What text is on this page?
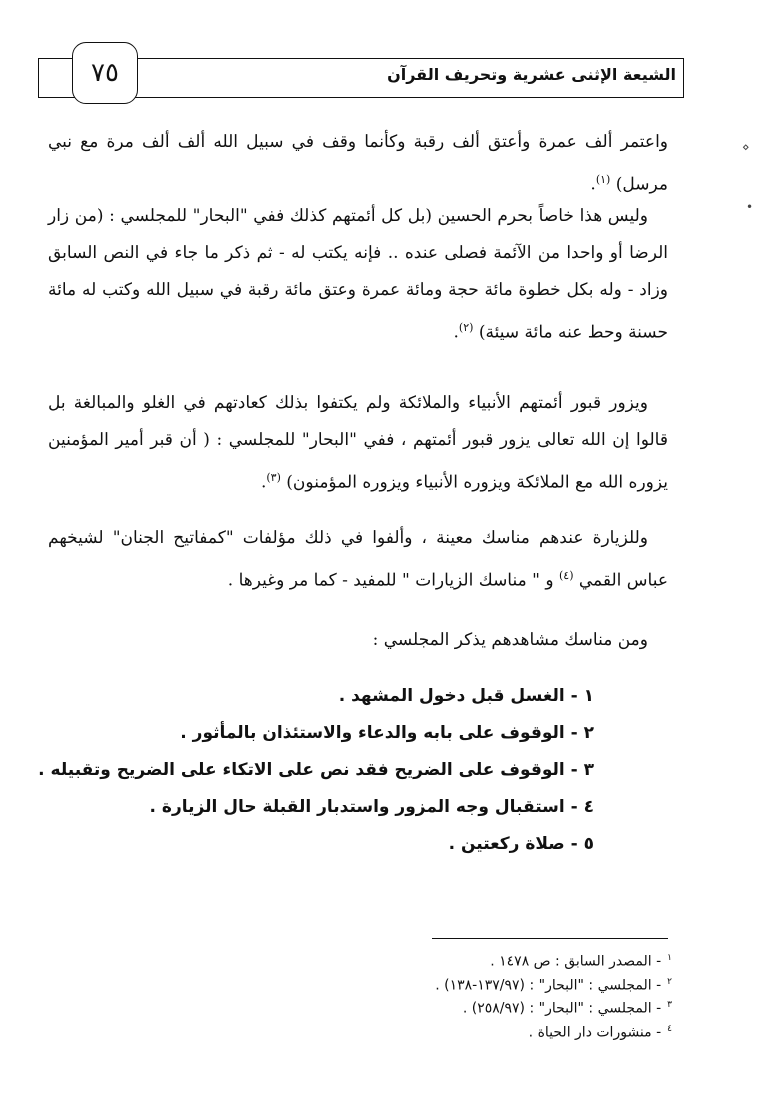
الشيعة الإثنى عشرية وتحريف القرآن
٧٥

واعتمر ألف عمرة وأعتق ألف رقبة وكأنما وقف في سبيل الله ألف ألف مرة مع نبي مرسل) $^{(١)}$.

وليس هذا خاصاً بحرم الحسين (بل كل أئمتهم كذلك ففي "البحار" للمجلسي : (من زار الرضا أو واحدا من الآئمة فصلى عنده .. فإنه يكتب له - ثم ذكر ما جاء في النص السابق وزاد - وله بكل خطوة مائة حجة ومائة عمرة وعتق مائة رقبة في سبيل الله وكتب له مائة حسنة وحط عنه مائة سيئة) $^{(٢)}$.

ويزور قبور أئمتهم الأنبياء والملائكة ولم يكتفوا بذلك كعادتهم في الغلو والمبالغة بل قالوا إن الله تعالى يزور قبور أئمتهم ، ففي "البحار" للمجلسي : ( أن قبر أمير المؤمنين يزوره الله مع الملائكة ويزوره الأنبياء ويزوره المؤمنون) $^{(٣)}$.

وللزيارة عندهم مناسك معينة ، وألفوا في ذلك مؤلفات "كمفاتيح الجنان" لشيخهم عباس القمي $^{(٤)}$ و " مناسك الزيارات " للمفيد - كما مر وغيرها .

ومن مناسك مشاهدهم يذكر المجلسي :

١ - الغسل قبل دخول المشهد .
٢ - الوقوف على بابه والدعاء والاستئذان بالمأثور .
٣ - الوقوف على الضريح فقد نص على الاتكاء على الضريح وتقبيله .
٤ - استقبال وجه المزور واستدبار القبلة حال الزيارة .
٥ - صلاة ركعتين .
$^١$- المصدر السابق : ص ١٤٧٨ .
$^٢$- المجلسي : "البحار" : (١٣٧/٩٧-١٣٨) .
$^٣$- المجلسي : "البحار" : (٢٥٨/٩٧) .
$^٤$- منشورات دار الحياة .
⋄
•
